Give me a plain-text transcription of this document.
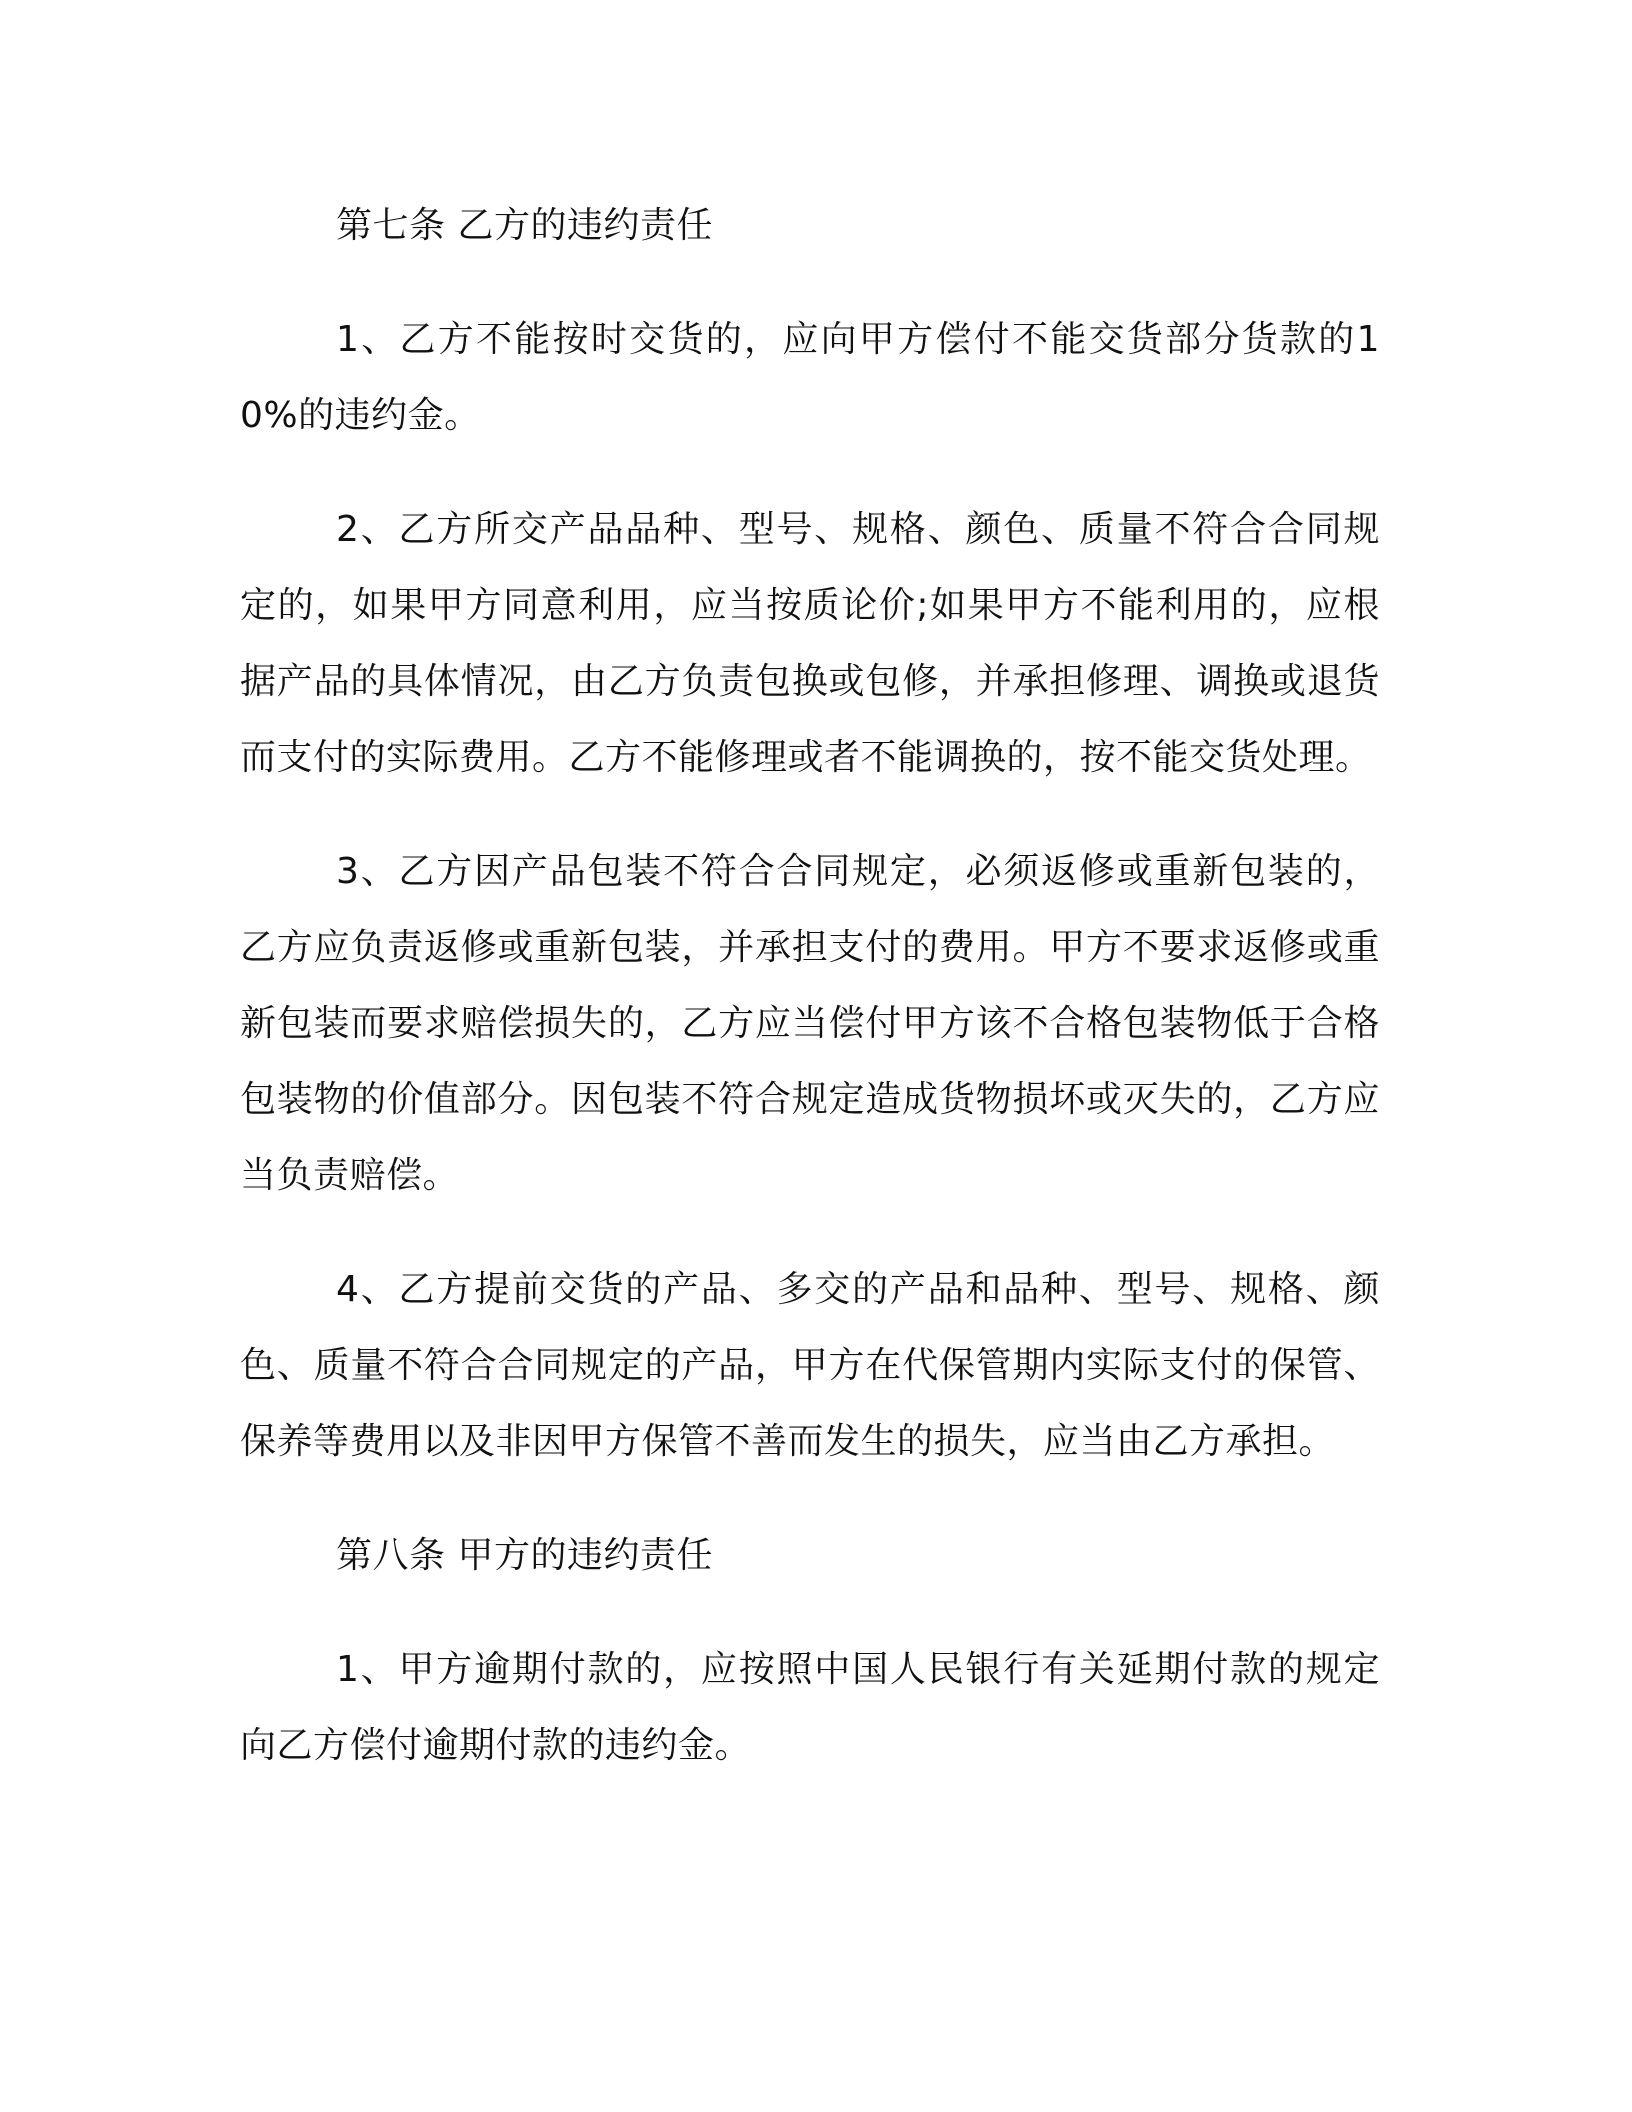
第七条 乙方的违约责任

1、乙方不能按时交货的，应向甲方偿付不能交货部分货款的10%的违约金。

2、乙方所交产品品种、型号、规格、颜色、质量不符合合同规定的，如果甲方同意利用，应当按质论价;如果甲方不能利用的，应根据产品的具体情况，由乙方负责包换或包修，并承担修理、调换或退货而支付的实际费用。乙方不能修理或者不能调换的，按不能交货处理。

3、乙方因产品包装不符合合同规定，必须返修或重新包装的，乙方应负责返修或重新包装，并承担支付的费用。甲方不要求返修或重新包装而要求赔偿损失的，乙方应当偿付甲方该不合格包装物低于合格包装物的价值部分。因包装不符合规定造成货物损坏或灭失的，乙方应当负责赔偿。

4、乙方提前交货的产品、多交的产品和品种、型号、规格、颜色、质量不符合合同规定的产品，甲方在代保管期内实际支付的保管、保养等费用以及非因甲方保管不善而发生的损失，应当由乙方承担。

第八条 甲方的违约责任

1、甲方逾期付款的，应按照中国人民银行有关延期付款的规定向乙方偿付逾期付款的违约金。
